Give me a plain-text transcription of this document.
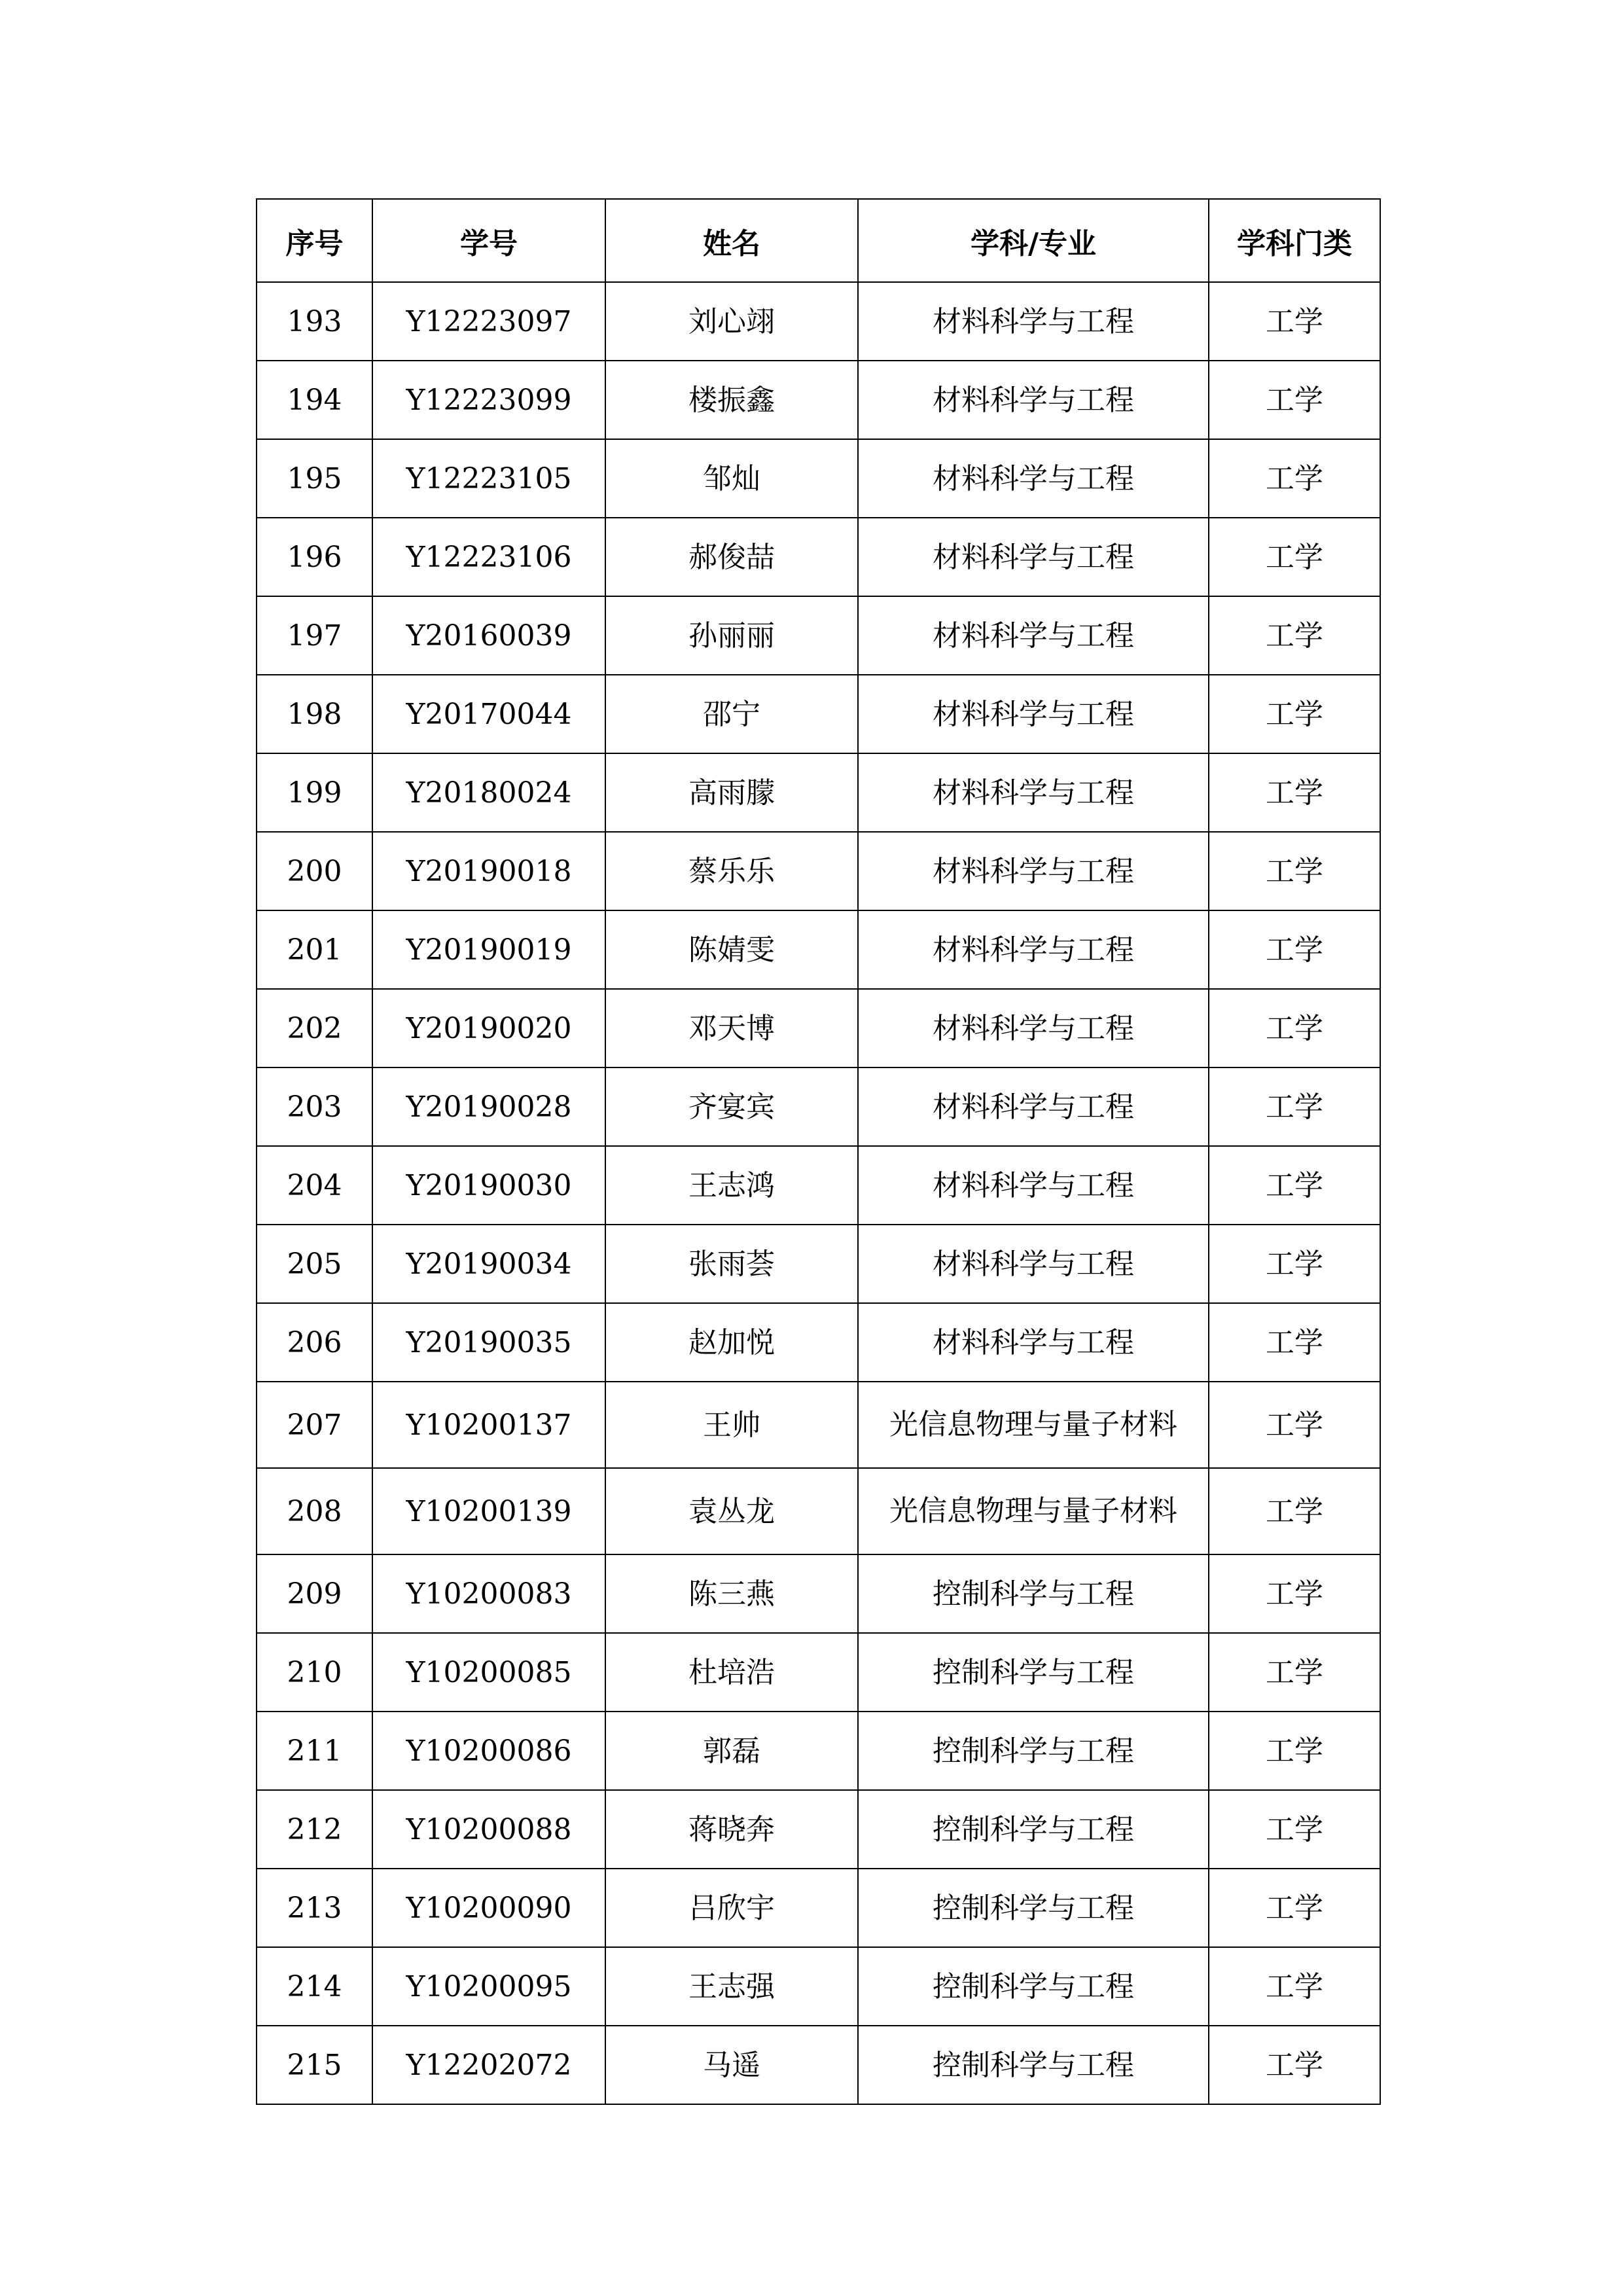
序号	学号	姓名	学科/专业	学科门类
193	Y12223097	刘心翊	材料科学与工程	工学
194	Y12223099	楼振鑫	材料科学与工程	工学
195	Y12223105	邹灿	材料科学与工程	工学
196	Y12223106	郝俊喆	材料科学与工程	工学
197	Y20160039	孙丽丽	材料科学与工程	工学
198	Y20170044	邵宁	材料科学与工程	工学
199	Y20180024	高雨朦	材料科学与工程	工学
200	Y20190018	蔡乐乐	材料科学与工程	工学
201	Y20190019	陈婧雯	材料科学与工程	工学
202	Y20190020	邓天博	材料科学与工程	工学
203	Y20190028	齐宴宾	材料科学与工程	工学
204	Y20190030	王志鸿	材料科学与工程	工学
205	Y20190034	张雨荟	材料科学与工程	工学
206	Y20190035	赵加悦	材料科学与工程	工学
207	Y10200137	王帅	光信息物理与量子材料	工学
208	Y10200139	袁丛龙	光信息物理与量子材料	工学
209	Y10200083	陈三燕	控制科学与工程	工学
210	Y10200085	杜培浩	控制科学与工程	工学
211	Y10200086	郭磊	控制科学与工程	工学
212	Y10200088	蒋晓奔	控制科学与工程	工学
213	Y10200090	吕欣宇	控制科学与工程	工学
214	Y10200095	王志强	控制科学与工程	工学
215	Y12202072	马遥	控制科学与工程	工学
